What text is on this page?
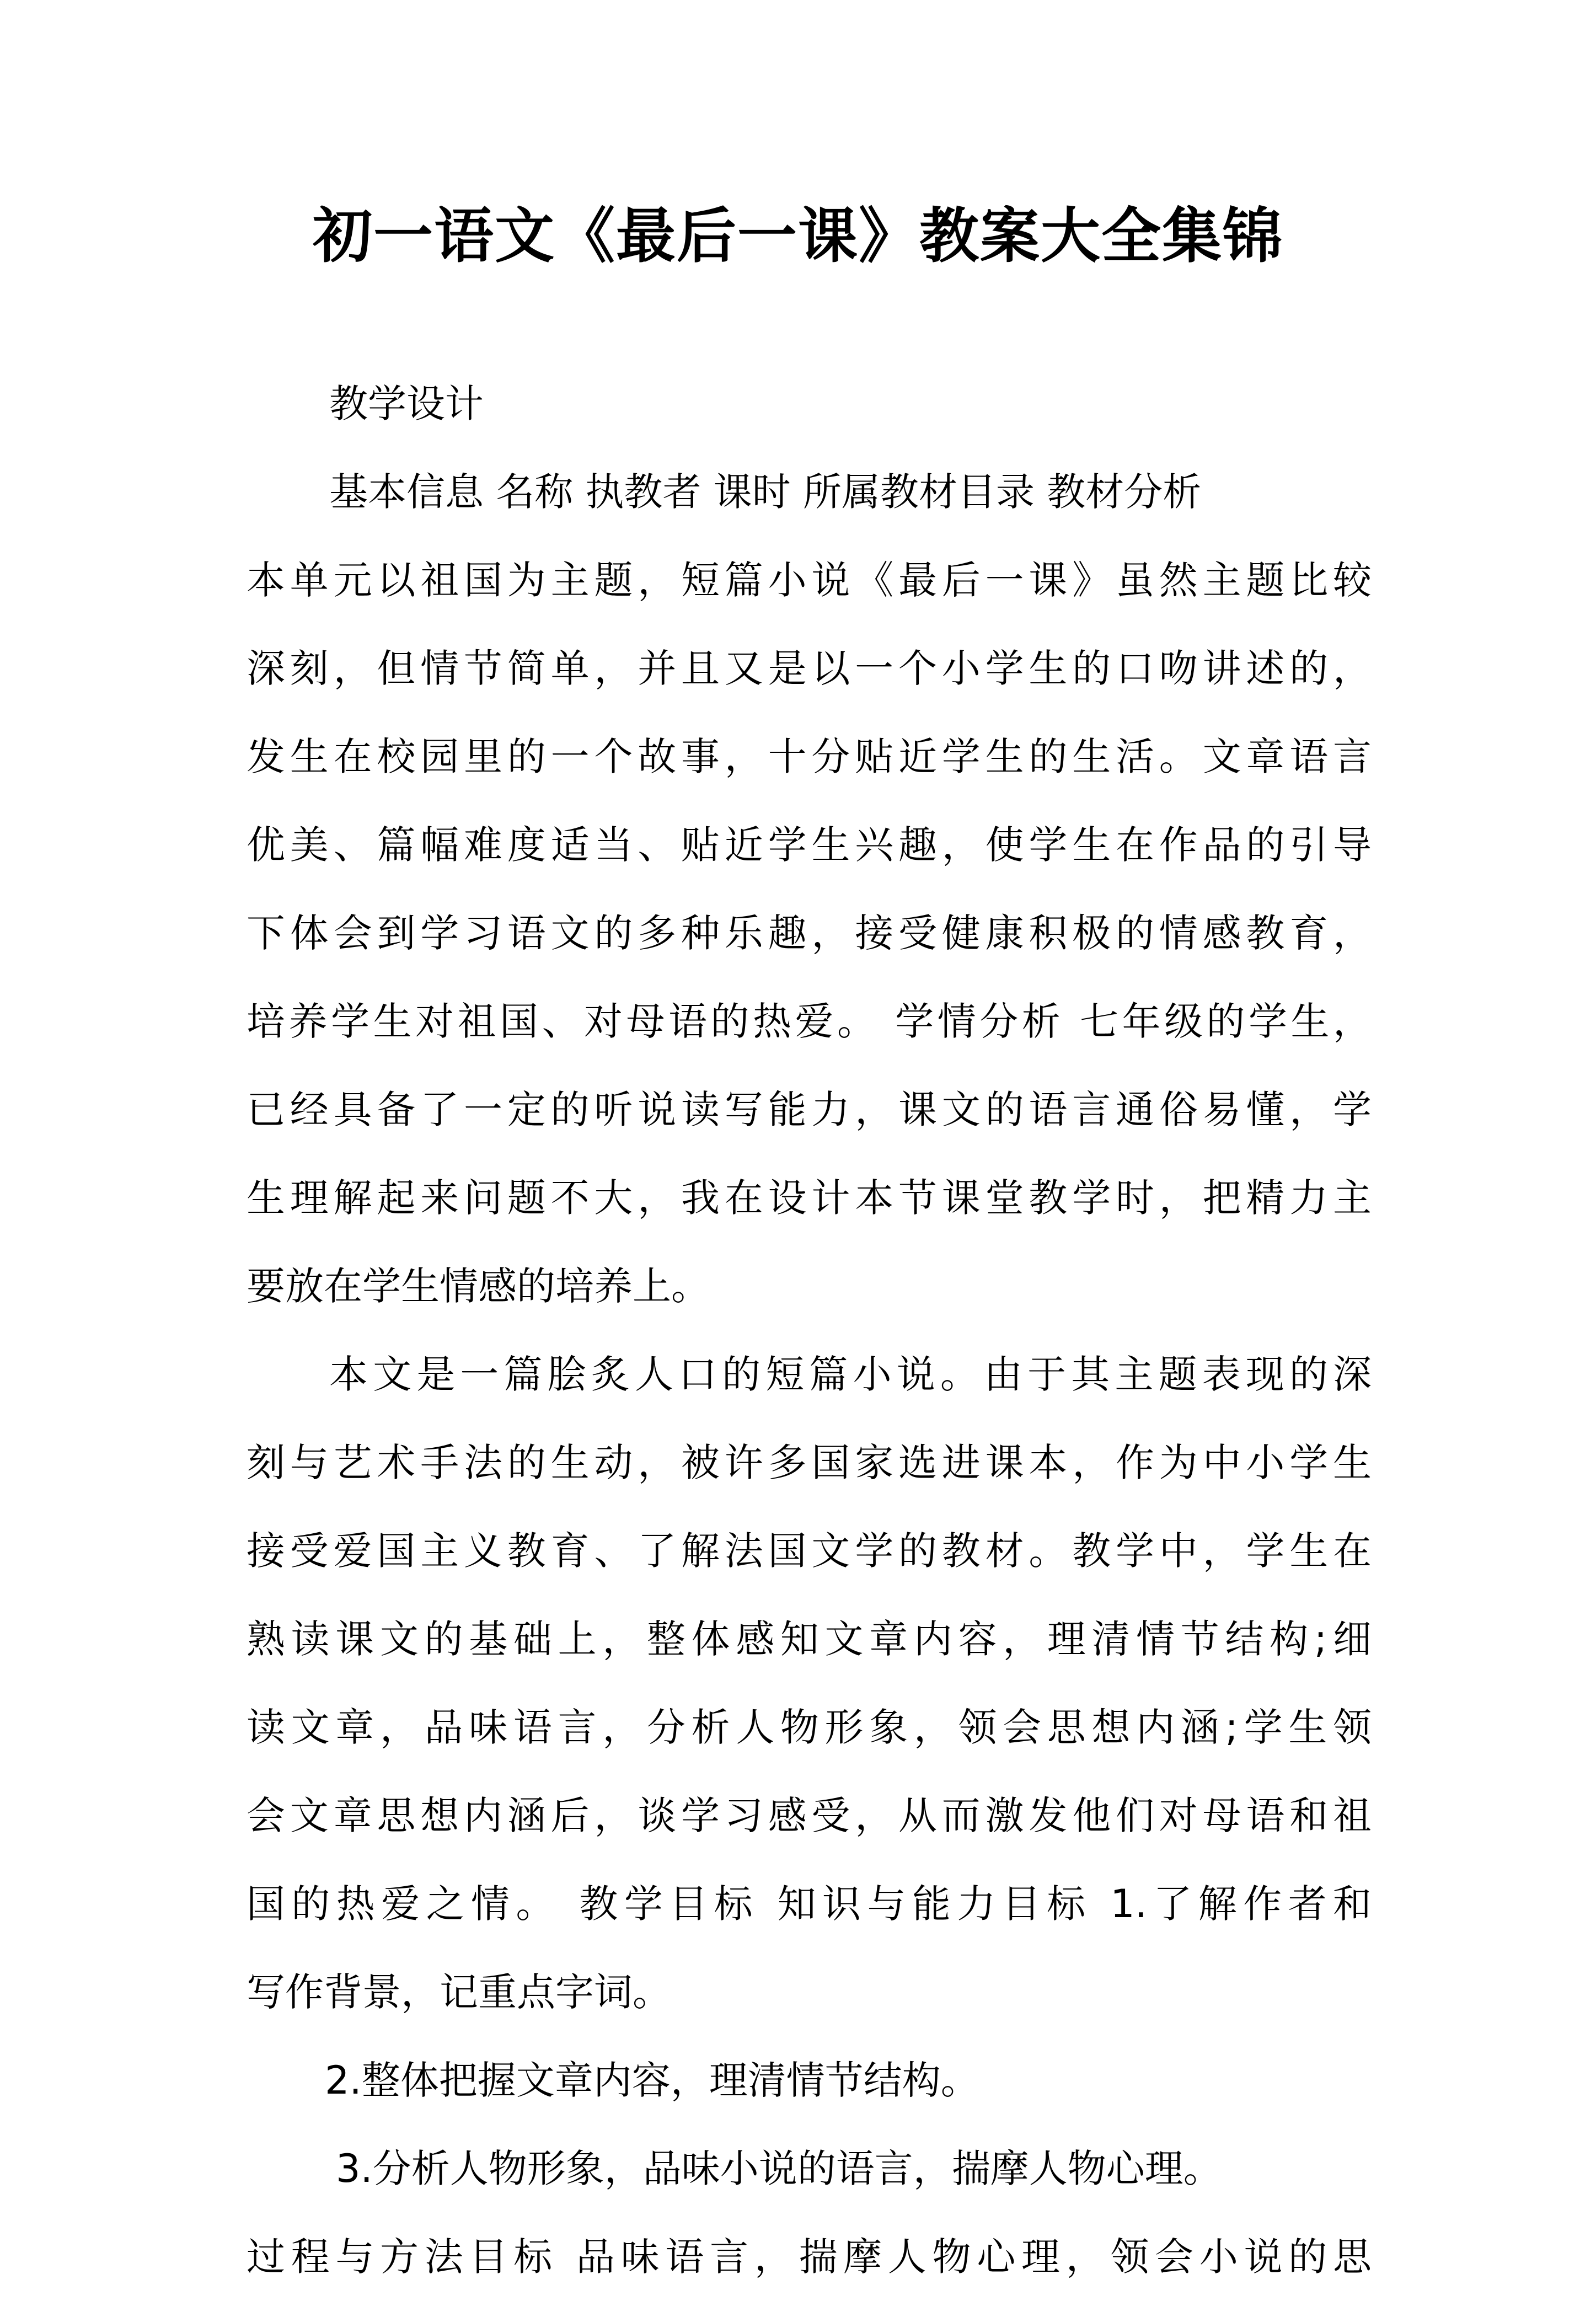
初一语文《最后一课》教案大全集锦
教学设计
基本信息 名称 执教者 课时 所属教材目录 教材分析
本单元以祖国为主题，短篇小说《最后一课》虽然主题比较
深刻，但情节简单，并且又是以一个小学生的口吻讲述的，
发生在校园里的一个故事，十分贴近学生的生活。文章语言
优美、篇幅难度适当、贴近学生兴趣，使学生在作品的引导
下体会到学习语文的多种乐趣，接受健康积极的情感教育，
培养学生对祖国、对母语的热爱。 学情分析 七年级的学生，
已经具备了一定的听说读写能力，课文的语言通俗易懂，学
生理解起来问题不大，我在设计本节课堂教学时，把精力主
要放在学生情感的培养上。
本文是一篇脍炙人口的短篇小说。由于其主题表现的深
刻与艺术手法的生动，被许多国家选进课本，作为中小学生
接受爱国主义教育、了解法国文学的教材。教学中，学生在
熟读课文的基础上，整体感知文章内容，理清情节结构;细
读文章，品味语言，分析人物形象，领会思想内涵;学生领
会文章思想内涵后，谈学习感受，从而激发他们对母语和祖
国的热爱之情。 教学目标 知识与能力目标 1.了解作者和
写作背景，记重点字词。
2.整体把握文章内容，理清情节结构。
3.分析人物形象，品味小说的语言，揣摩人物心理。
过程与方法目标 品味语言，揣摩人物心理，领会小说的思
